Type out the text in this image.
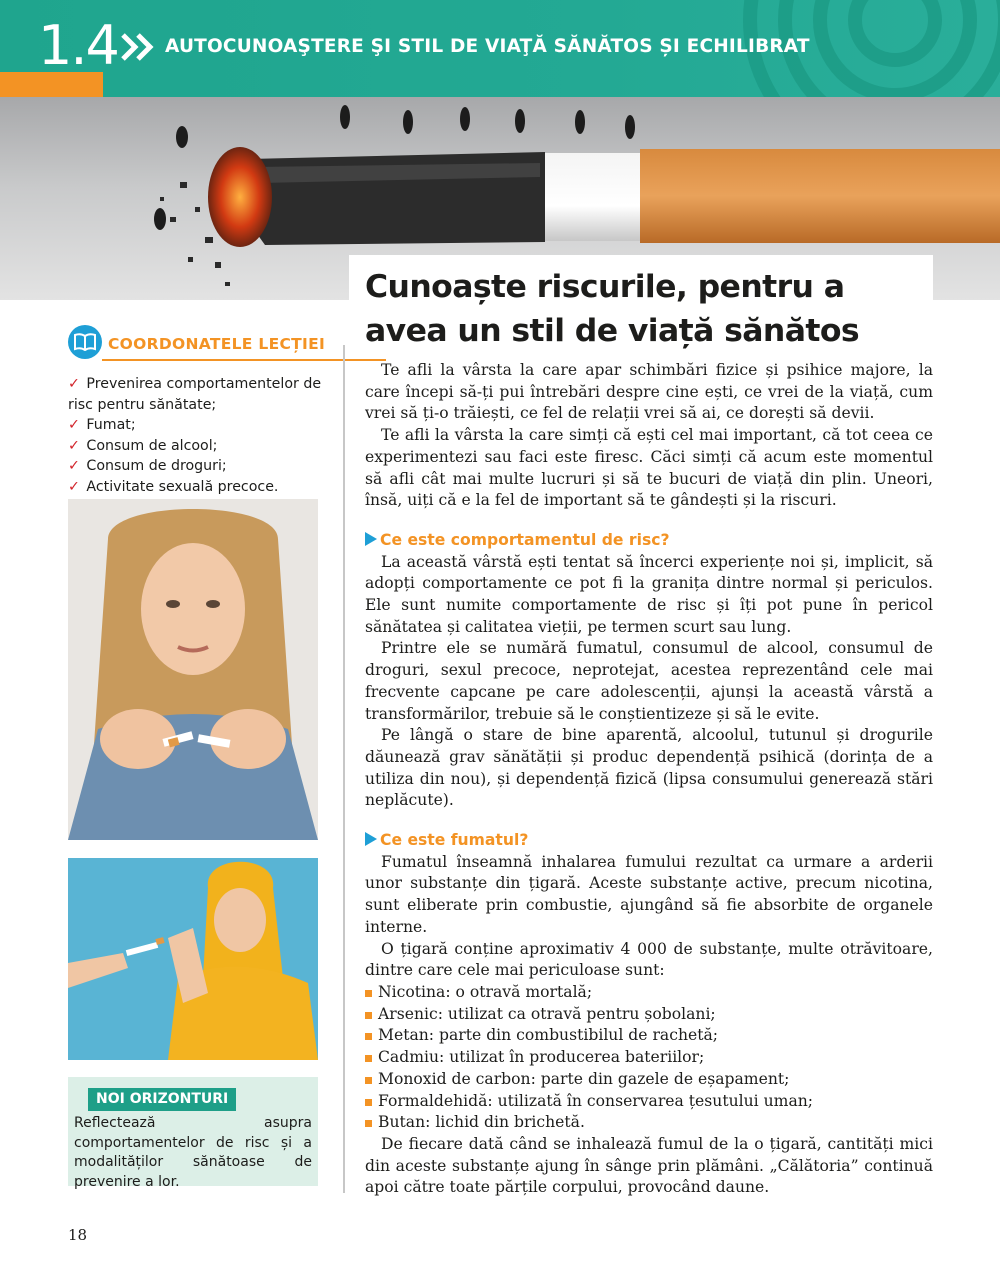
1.4	AUTOCUNOAŞTERE ŞI STIL DE VIAŢĂ SĂNĂTOS ȘI ECHILIBRAT
Cunoaște riscurile, pentru a avea un stil de viață sănătos
COORDONATELE LECȚIEI
✓ Prevenirea comportamentelor de risc pentru sănătate;
✓ Fumat;
✓ Consum de alcool;
✓ Consum de droguri;
✓ Activitate sexuală precoce.
NOI ORIZONTURI
Reflectează asupra comportamentelor de risc și a modalităților sănătoase de prevenire a lor.

Te afli la vârsta la care apar schimbări fizice și psihice majore, la care începi să-ți pui întrebări despre cine ești, ce vrei de la viață, cum vrei să ți-o trăiești, ce fel de relații vrei să ai, ce dorești să devii.

Te afli la vârsta la care simți că ești cel mai important, că tot ceea ce experimentezi sau faci este firesc. Căci simți că acum este momentul să afli cât mai multe lucruri și să te bucuri de viață din plin. Uneori, însă, uiți că e la fel de important să te gândești și la riscuri.

Ce este comportamentul de risc?

La această vârstă ești tentat să încerci experiențe noi și, implicit, să adopți comportamente ce pot fi la granița dintre normal și periculos. Ele sunt numite comportamente de risc și îți pot pune în pericol sănătatea și calitatea vieții, pe termen scurt sau lung.

Printre ele se numără fumatul, consumul de alcool, consumul de droguri, sexul precoce, neprotejat, acestea reprezentând cele mai frecvente capcane pe care adolescenții, ajunși la această vârstă a transformărilor, trebuie să le conștientizeze și să le evite.

Pe lângă o stare de bine aparentă, alcoolul, tutunul și drogurile dăunează grav sănătății și produc dependență psihică (dorința de a utiliza din nou), și dependență fizică (lipsa consumului generează stări neplăcute).

Ce este fumatul?

Fumatul înseamnă inhalarea fumului rezultat ca urmare a arderii unor substanțe din țigară. Aceste substanțe active, precum nicotina, sunt eliberate prin combustie, ajungând să fie absorbite de organele interne.

O țigară conține aproximativ 4 000 de substanțe, multe otrăvitoare, dintre care cele mai periculoase sunt:

Nicotina: o otravă mortală;
Arsenic: utilizat ca otravă pentru șobolani;
Metan: parte din combustibilul de rachetă;
Cadmiu: utilizat în producerea bateriilor;
Monoxid de carbon: parte din gazele de eșapament;
Formaldehidă: utilizată în conservarea țesutului uman;
Butan: lichid din brichetă.

De fiecare dată când se inhalează fumul de la o țigară, cantități mici din aceste substanțe ajung în sânge prin plămâni. „Călătoria” continuă apoi către toate părțile corpului, provocând daune.

18
